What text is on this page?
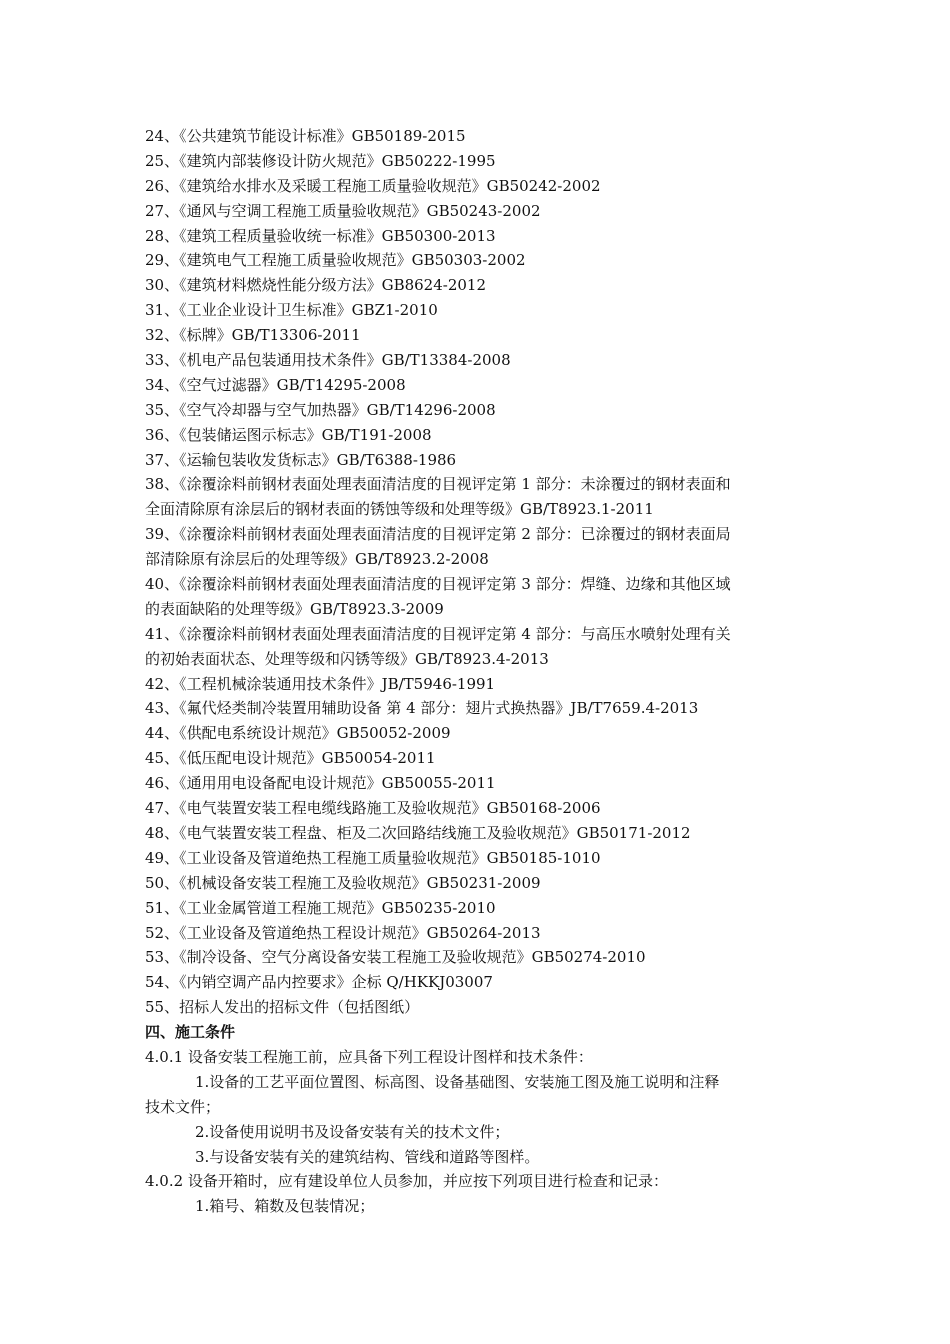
24、《公共建筑节能设计标准》GB50189-2015
25、《建筑内部装修设计防火规范》GB50222-1995
26、《建筑给水排水及采暖工程施工质量验收规范》GB50242-2002
27、《通风与空调工程施工质量验收规范》GB50243-2002
28、《建筑工程质量验收统一标准》GB50300-2013
29、《建筑电气工程施工质量验收规范》GB50303-2002
30、《建筑材料燃烧性能分级方法》GB8624-2012
31、《工业企业设计卫生标准》GBZ1-2010
32、《标牌》GB/T13306-2011
33、《机电产品包装通用技术条件》GB/T13384-2008
34、《空气过滤器》GB/T14295-2008
35、《空气冷却器与空气加热器》GB/T14296-2008
36、《包装储运图示标志》GB/T191-2008
37、《运输包装收发货标志》GB/T6388-1986
38、《涂覆涂料前钢材表面处理表面清洁度的目视评定第 1 部分：未涂覆过的钢材表面和
全面清除原有涂层后的钢材表面的锈蚀等级和处理等级》GB/T8923.1-2011
39、《涂覆涂料前钢材表面处理表面清洁度的目视评定第 2 部分：已涂覆过的钢材表面局
部清除原有涂层后的处理等级》GB/T8923.2-2008
40、《涂覆涂料前钢材表面处理表面清洁度的目视评定第 3 部分：焊缝、边缘和其他区域
的表面缺陷的处理等级》GB/T8923.3-2009
41、《涂覆涂料前钢材表面处理表面清洁度的目视评定第 4 部分：与高压水喷射处理有关
的初始表面状态、处理等级和闪锈等级》GB/T8923.4-2013
42、《工程机械涂装通用技术条件》JB/T5946-1991
43、《氟代烃类制冷装置用辅助设备 第 4 部分：翅片式换热器》JB/T7659.4-2013
44、《供配电系统设计规范》GB50052-2009
45、《低压配电设计规范》GB50054-2011
46、《通用用电设备配电设计规范》GB50055-2011
47、《电气装置安装工程电缆线路施工及验收规范》GB50168-2006
48、《电气装置安装工程盘、柜及二次回路结线施工及验收规范》GB50171-2012
49、《工业设备及管道绝热工程施工质量验收规范》GB50185-1010
50、《机械设备安装工程施工及验收规范》GB50231-2009
51、《工业金属管道工程施工规范》GB50235-2010
52、《工业设备及管道绝热工程设计规范》GB50264-2013
53、《制冷设备、空气分离设备安装工程施工及验收规范》GB50274-2010
54、《内销空调产品内控要求》企标 Q/HKKJ03007
55、招标人发出的招标文件（包括图纸）
四、施工条件
4.0.1 设备安装工程施工前，应具备下列工程设计图样和技术条件：
1.设备的工艺平面位置图、标高图、设备基础图、安装施工图及施工说明和注释
技术文件；
2.设备使用说明书及设备安装有关的技术文件；
3.与设备安装有关的建筑结构、管线和道路等图样。
4.0.2 设备开箱时，应有建设单位人员参加，并应按下列项目进行检查和记录：
1.箱号、箱数及包装情况；
